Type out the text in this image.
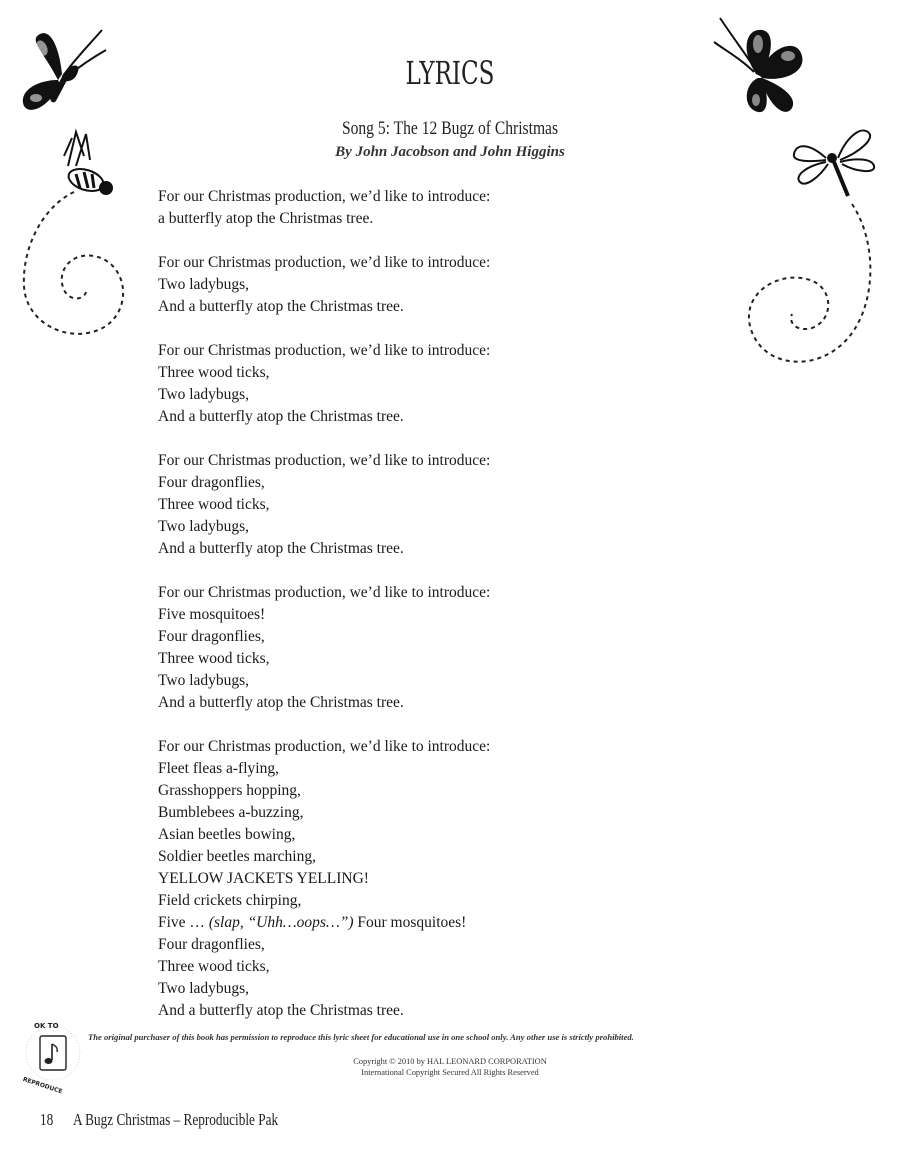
LYRICS
Song 5: The 12 Bugz of Christmas
By John Jacobson and John Higgins
For our Christmas production, we’d like to introduce:
a butterfly atop the Christmas tree.
For our Christmas production, we’d like to introduce:
Two ladybugs,
And a butterfly atop the Christmas tree.
For our Christmas production, we’d like to introduce:
Three wood ticks,
Two ladybugs,
And a butterfly atop the Christmas tree.
For our Christmas production, we’d like to introduce:
Four dragonflies,
Three wood ticks,
Two ladybugs,
And a butterfly atop the Christmas tree.
For our Christmas production, we’d like to introduce:
Five mosquitoes!
Four dragonflies,
Three wood ticks,
Two ladybugs,
And a butterfly atop the Christmas tree.
For our Christmas production, we’d like to introduce:
Fleet fleas a-flying,
Grasshoppers hopping,
Bumblebees a-buzzing,
Asian beetles bowing,
Soldier beetles marching,
YELLOW JACKETS YELLING!
Field crickets chirping,
Five … (slap, “Uhh…oops…”) Four mosquitoes!
Four dragonflies,
Three wood ticks,
Two ladybugs,
And a butterfly atop the Christmas tree.
OK TO
REPRODUCE
The original purchaser of this book has permission to reproduce this lyric sheet for educational use in one school only. Any other use is strictly prohibited.
Copyright © 2010 by HAL LEONARD CORPORATION
International Copyright Secured All Rights Reserved
18 A Bugz Christmas – Reproducible Pak
